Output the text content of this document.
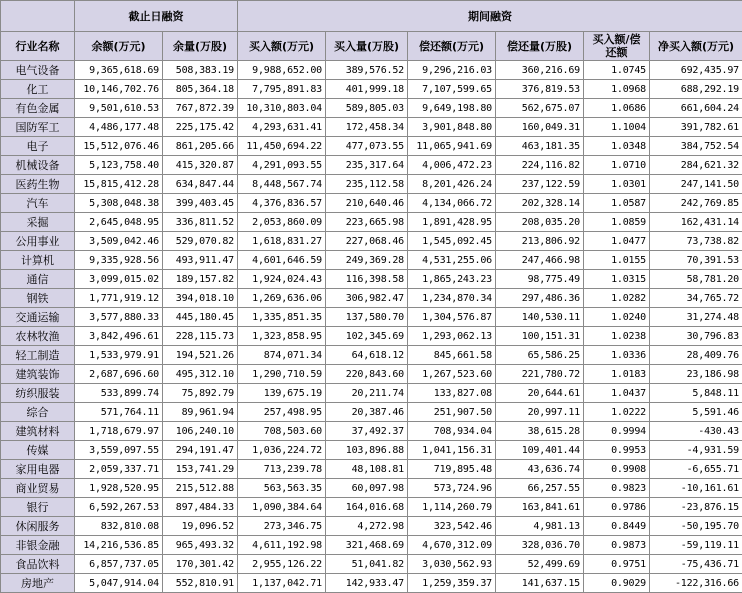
	截止日融资		期间融资					
行业名称	余额(万元)	余量(万股)	买入额(万元)	买入量(万股)	偿还额(万元)	偿还量(万股)	买入额/偿还额	净买入额(万元)
电气设备	9,365,618.69	508,383.19	9,988,652.00	389,576.52	9,296,216.03	360,216.69	1.0745	692,435.97
化工	10,146,702.76	805,364.18	7,795,891.83	401,999.18	7,107,599.65	376,819.53	1.0968	688,292.19
有色金属	9,501,610.53	767,872.39	10,310,803.04	589,805.03	9,649,198.80	562,675.07	1.0686	661,604.24
国防军工	4,486,177.48	225,175.42	4,293,631.41	172,458.34	3,901,848.80	160,049.31	1.1004	391,782.61
电子	15,512,076.46	861,205.66	11,450,694.22	477,073.55	11,065,941.69	463,181.35	1.0348	384,752.54
机械设备	5,123,758.40	415,320.87	4,291,093.55	235,317.64	4,006,472.23	224,116.82	1.0710	284,621.32
医药生物	15,815,412.28	634,847.44	8,448,567.74	235,112.58	8,201,426.24	237,122.59	1.0301	247,141.50
汽车	5,308,048.38	399,403.45	4,376,836.57	210,640.46	4,134,066.72	202,328.14	1.0587	242,769.85
采掘	2,645,048.95	336,811.52	2,053,860.09	223,665.98	1,891,428.95	208,035.20	1.0859	162,431.14
公用事业	3,509,042.46	529,070.82	1,618,831.27	227,068.46	1,545,092.45	213,806.92	1.0477	73,738.82
计算机	9,335,928.56	493,911.47	4,601,646.59	249,369.28	4,531,255.06	247,466.98	1.0155	70,391.53
通信	3,099,015.02	189,157.82	1,924,024.43	116,398.58	1,865,243.23	98,775.49	1.0315	58,781.20
钢铁	1,771,919.12	394,018.10	1,269,636.06	306,982.47	1,234,870.34	297,486.36	1.0282	34,765.72
交通运输	3,577,880.33	445,180.45	1,335,851.35	137,580.70	1,304,576.87	140,530.11	1.0240	31,274.48
农林牧渔	3,842,496.61	228,115.73	1,323,858.95	102,345.69	1,293,062.13	100,151.31	1.0238	30,796.83
轻工制造	1,533,979.91	194,521.26	874,071.34	64,618.12	845,661.58	65,586.25	1.0336	28,409.76
建筑装饰	2,687,696.60	495,312.10	1,290,710.59	220,843.60	1,267,523.60	221,780.72	1.0183	23,186.98
纺织服装	533,899.74	75,892.79	139,675.19	20,211.74	133,827.08	20,644.61	1.0437	5,848.11
综合	571,764.11	89,961.94	257,498.95	20,387.46	251,907.50	20,997.11	1.0222	5,591.46
建筑材料	1,718,679.97	106,240.10	708,503.60	37,492.37	708,934.04	38,615.28	0.9994	-430.43
传媒	3,559,097.55	294,191.47	1,036,224.72	103,896.88	1,041,156.31	109,401.44	0.9953	-4,931.59
家用电器	2,059,337.71	153,741.29	713,239.78	48,108.81	719,895.48	43,636.74	0.9908	-6,655.71
商业贸易	1,928,520.95	215,512.88	563,563.35	60,097.98	573,724.96	66,257.55	0.9823	-10,161.61
银行	6,592,267.53	897,484.33	1,090,384.64	164,016.68	1,114,260.79	163,841.61	0.9786	-23,876.15
休闲服务	832,810.08	19,096.52	273,346.75	4,272.98	323,542.46	4,981.13	0.8449	-50,195.70
非银金融	14,216,536.85	965,493.32	4,611,192.98	321,468.69	4,670,312.09	328,036.70	0.9873	-59,119.11
食品饮料	6,857,737.05	170,301.42	2,955,126.22	51,041.82	3,030,562.93	52,499.69	0.9751	-75,436.71
房地产	5,047,914.04	552,810.91	1,137,042.71	142,933.47	1,259,359.37	141,637.15	0.9029	-122,316.66
